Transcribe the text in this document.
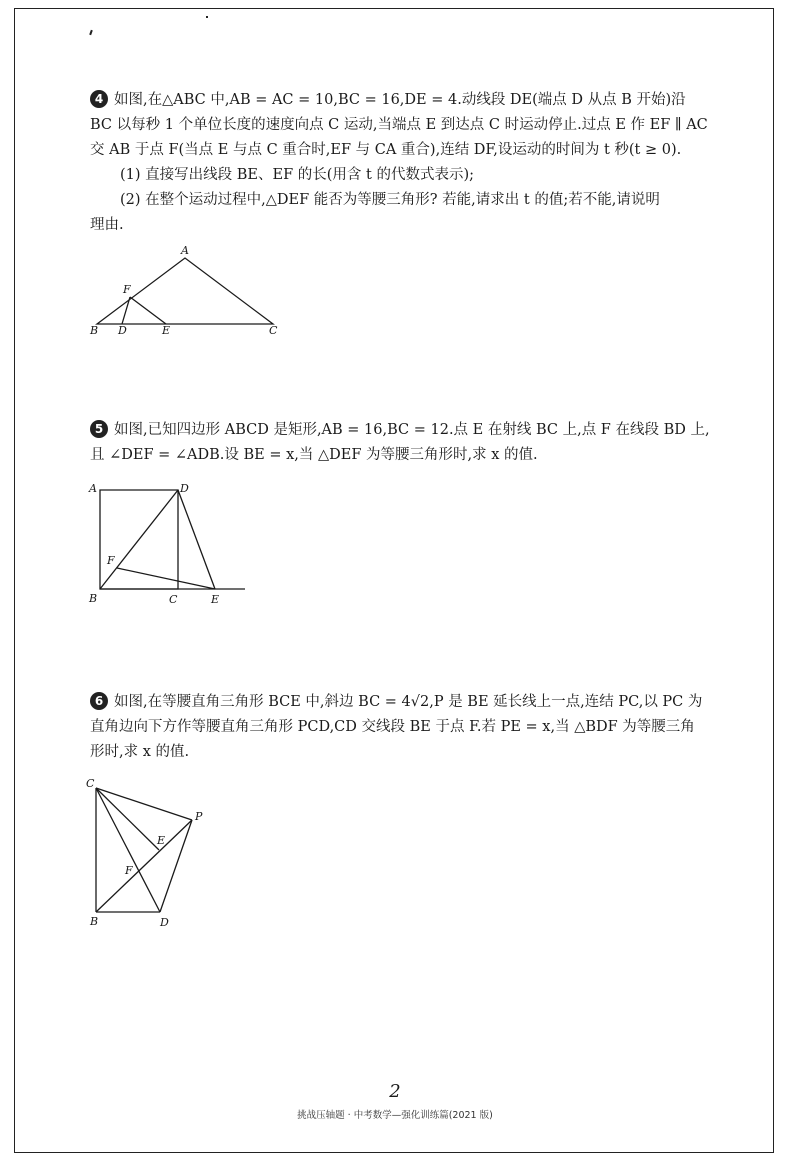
4 如图,在△ABC 中,AB = AC = 10,BC = 16,DE = 4.动线段 DE(端点 D 从点 B 开始)沿
BC 以每秒 1 个单位长度的速度向点 C 运动,当端点 E 到达点 C 时运动停止.过点 E 作 EF ∥ AC
交 AB 于点 F(当点 E 与点 C 重合时,EF 与 CA 重合),连结 DF,设运动的时间为 t 秒(t ≥ 0).
(1) 直接写出线段 BE、EF 的长(用含 t 的代数式表示);
(2) 在整个运动过程中,△DEF 能否为等腰三角形? 若能,请求出 t 的值;若不能,请说明
理由.
A
B D	E	C
F
5 如图,已知四边形 ABCD 是矩形,AB = 16,BC = 12.点 E 在射线 BC 上,点 F 在线段 BD 上,
且 ∠DEF = ∠ADB.设 BE = x,当 △DEF 为等腰三角形时,求 x 的值.
A	D
F
B	C	E
6 如图,在等腰直角三角形 BCE 中,斜边 BC = 4√2,P 是 BE 延长线上一点,连结 PC,以 PC 为
直角边向下方作等腰直角三角形 PCD,CD 交线段 BE 于点 F.若 PE = x,当 △BDF 为等腰三角
形时,求 x 的值.
C
P
E
F
B	D
2
挑战压轴题 · 中考数学—强化训练篇(2021 版)
